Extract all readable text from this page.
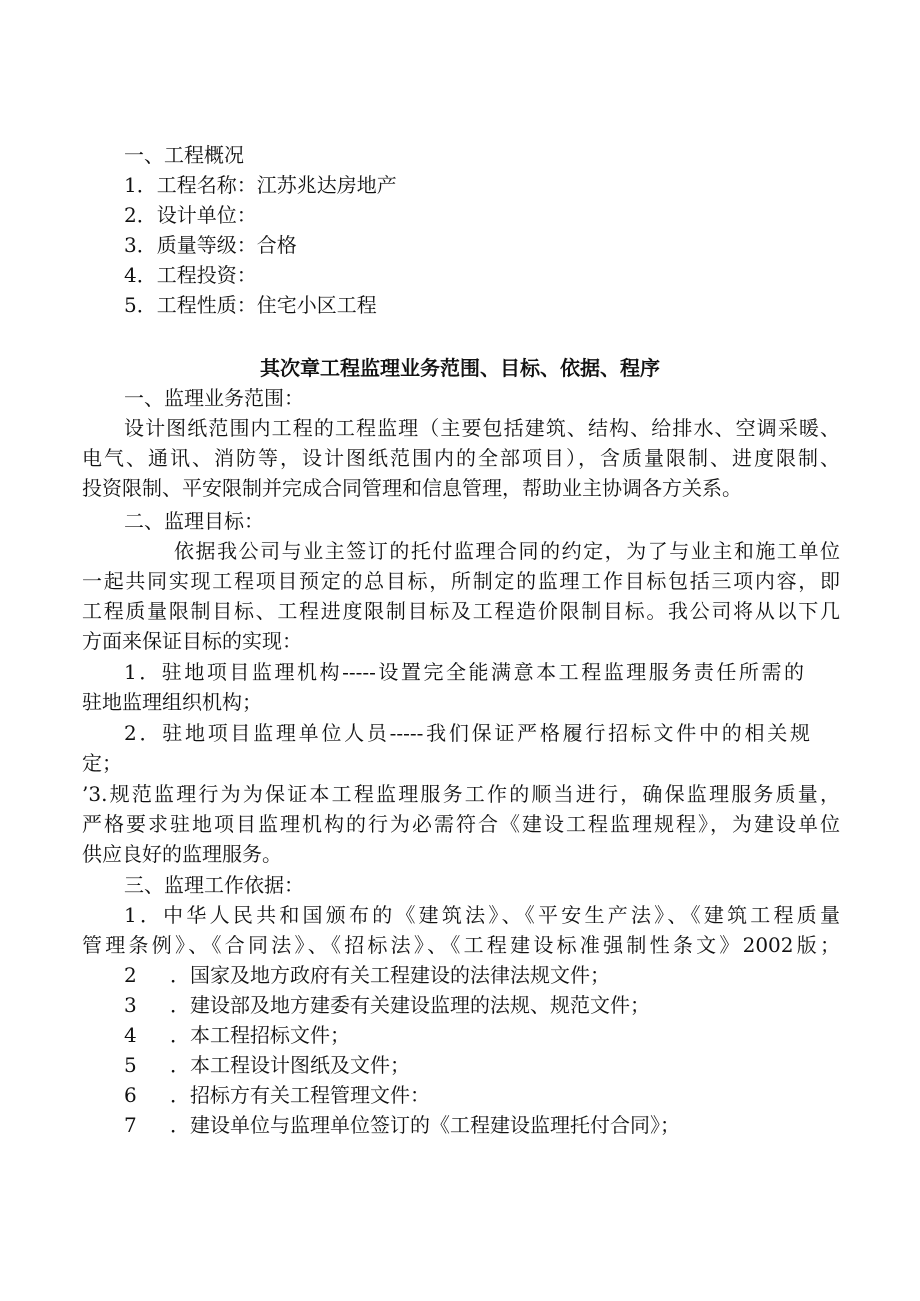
一、工程概况
1．工程名称：江苏兆达房地产
2．设计单位：
3．质量等级：合格
4．工程投资：
5．工程性质：住宅小区工程
其次章工程监理业务范围、目标、依据、程序
一、监理业务范围：
设计图纸范围内工程的工程监理（主要包括建筑、结构、给排水、空调采暖、
电气、通讯、消防等，设计图纸范围内的全部项目），含质量限制、进度限制、
投资限制、平安限制并完成合同管理和信息管理，帮助业主协调各方关系。
二、监理目标：
依据我公司与业主签订的托付监理合同的约定，为了与业主和施工单位
一起共同实现工程项目预定的总目标，所制定的监理工作目标包括三项内容，即
工程质量限制目标、工程进度限制目标及工程造价限制目标。我公司将从以下几
方面来保证目标的实现：
1．驻地项目监理机构-----设置完全能满意本工程监理服务责任所需的
驻地监理组织机构；
2．驻地项目监理单位人员-----我们保证严格履行招标文件中的相关规
定；
’3.规范监理行为为保证本工程监理服务工作的顺当进行，确保监理服务质量，
严格要求驻地项目监理机构的行为必需符合《建设工程监理规程》，为建设单位
供应良好的监理服务。
三、监理工作依据：
1．中华人民共和国颁布的《建筑法》、《平安生产法》、《建筑工程质量
管理条例》、《合同法》、《招标法》、《工程建设标准强制性条文》2002版；
2 ．国家及地方政府有关工程建设的法律法规文件；
3 ．建设部及地方建委有关建设监理的法规、规范文件；
4 ．本工程招标文件；
5 ．本工程设计图纸及文件；
6 ．招标方有关工程管理文件：
7 ．建设单位与监理单位签订的《工程建设监理托付合同》；
